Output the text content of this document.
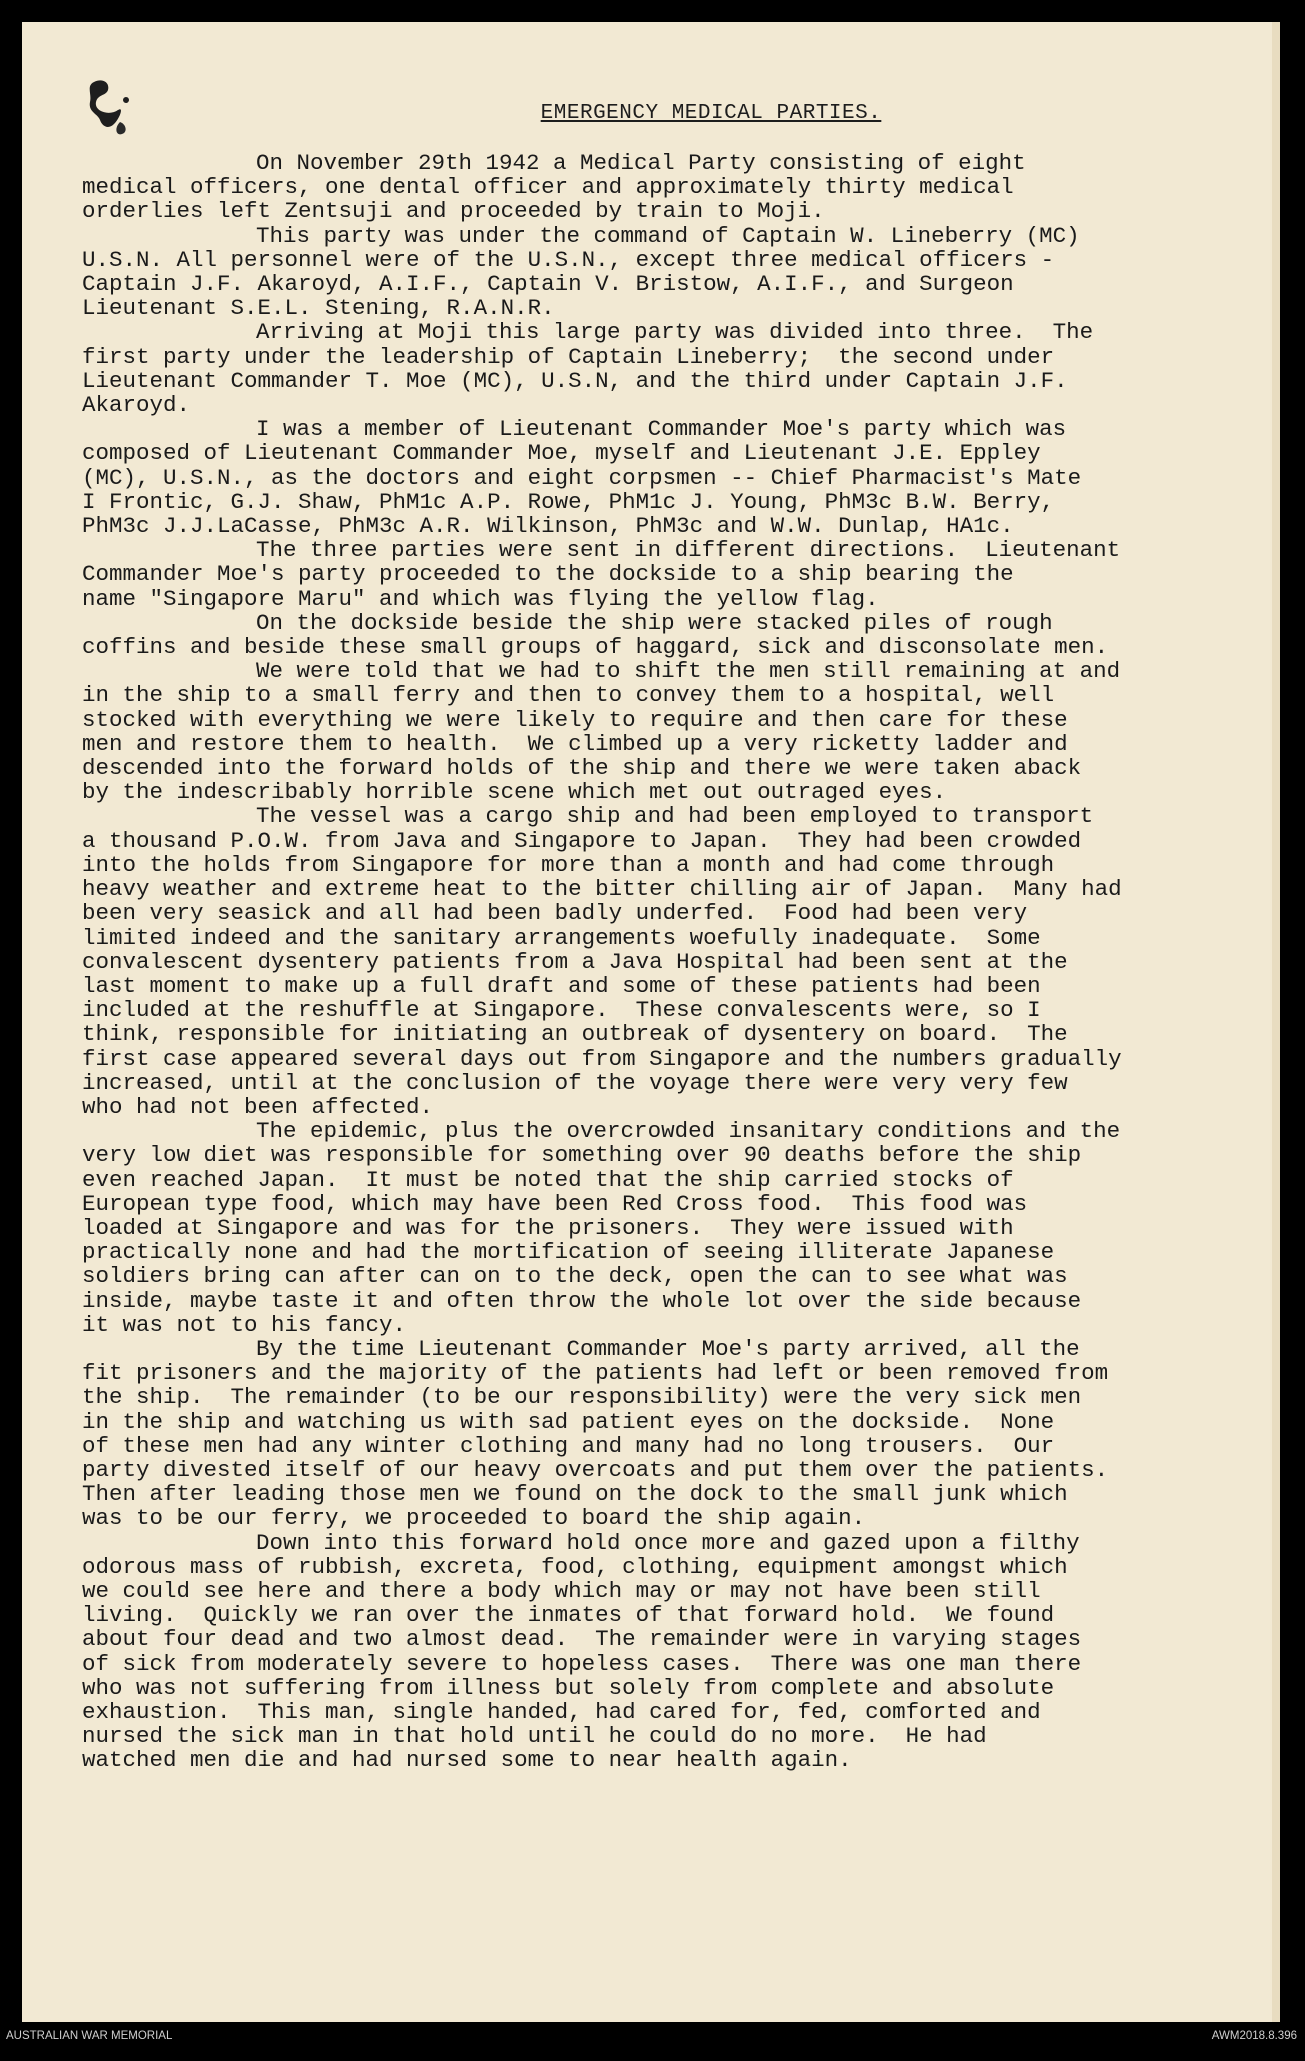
EMERGENCY MEDICAL PARTIES.
On November 29th 1942 a Medical Party consisting of eight
medical officers, one dental officer and approximately thirty medical
orderlies left Zentsuji and proceeded by train to Moji.
This party was under the command of Captain W. Lineberry (MC)
U.S.N. All personnel were of the U.S.N., except three medical officers -
Captain J.F. Akaroyd, A.I.F., Captain V. Bristow, A.I.F., and Surgeon
Lieutenant S.E.L. Stening, R.A.N.R.
Arriving at Moji this large party was divided into three.  The
first party under the leadership of Captain Lineberry;  the second under
Lieutenant Commander T. Moe (MC), U.S.N, and the third under Captain J.F.
Akaroyd.
I was a member of Lieutenant Commander Moe's party which was
composed of Lieutenant Commander Moe, myself and Lieutenant J.E. Eppley
(MC), U.S.N., as the doctors and eight corpsmen -- Chief Pharmacist's Mate
I Frontic, G.J. Shaw, PhM1c A.P. Rowe, PhM1c J. Young, PhM3c B.W. Berry,
PhM3c J.J.LaCasse, PhM3c A.R. Wilkinson, PhM3c and W.W. Dunlap, HA1c.
The three parties were sent in different directions.  Lieutenant
Commander Moe's party proceeded to the dockside to a ship bearing the
name "Singapore Maru" and which was flying the yellow flag.
On the dockside beside the ship were stacked piles of rough
coffins and beside these small groups of haggard, sick and disconsolate men.
We were told that we had to shift the men still remaining at and
in the ship to a small ferry and then to convey them to a hospital, well
stocked with everything we were likely to require and then care for these
men and restore them to health.  We climbed up a very ricketty ladder and
descended into the forward holds of the ship and there we were taken aback
by the indescribably horrible scene which met out outraged eyes.
The vessel was a cargo ship and had been employed to transport
a thousand P.O.W. from Java and Singapore to Japan.  They had been crowded
into the holds from Singapore for more than a month and had come through
heavy weather and extreme heat to the bitter chilling air of Japan.  Many had
been very seasick and all had been badly underfed.  Food had been very
limited indeed and the sanitary arrangements woefully inadequate.  Some
convalescent dysentery patients from a Java Hospital had been sent at the
last moment to make up a full draft and some of these patients had been
included at the reshuffle at Singapore.  These convalescents were, so I
think, responsible for initiating an outbreak of dysentery on board.  The
first case appeared several days out from Singapore and the numbers gradually
increased, until at the conclusion of the voyage there were very very few
who had not been affected.
The epidemic, plus the overcrowded insanitary conditions and the
very low diet was responsible for something over 90 deaths before the ship
even reached Japan.  It must be noted that the ship carried stocks of
European type food, which may have been Red Cross food.  This food was
loaded at Singapore and was for the prisoners.  They were issued with
practically none and had the mortification of seeing illiterate Japanese
soldiers bring can after can on to the deck, open the can to see what was
inside, maybe taste it and often throw the whole lot over the side because
it was not to his fancy.
By the time Lieutenant Commander Moe's party arrived, all the
fit prisoners and the majority of the patients had left or been removed from
the ship.  The remainder (to be our responsibility) were the very sick men
in the ship and watching us with sad patient eyes on the dockside.  None
of these men had any winter clothing and many had no long trousers.  Our
party divested itself of our heavy overcoats and put them over the patients.
Then after leading those men we found on the dock to the small junk which
was to be our ferry, we proceeded to board the ship again.
Down into this forward hold once more and gazed upon a filthy
odorous mass of rubbish, excreta, food, clothing, equipment amongst which
we could see here and there a body which may or may not have been still
living.  Quickly we ran over the inmates of that forward hold.  We found
about four dead and two almost dead.  The remainder were in varying stages
of sick from moderately severe to hopeless cases.  There was one man there
who was not suffering from illness but solely from complete and absolute
exhaustion.  This man, single handed, had cared for, fed, comforted and
nursed the sick man in that hold until he could do no more.  He had
watched men die and had nursed some to near health again.
AUSTRALIAN WAR MEMORIAL	AWM2018.8.396
